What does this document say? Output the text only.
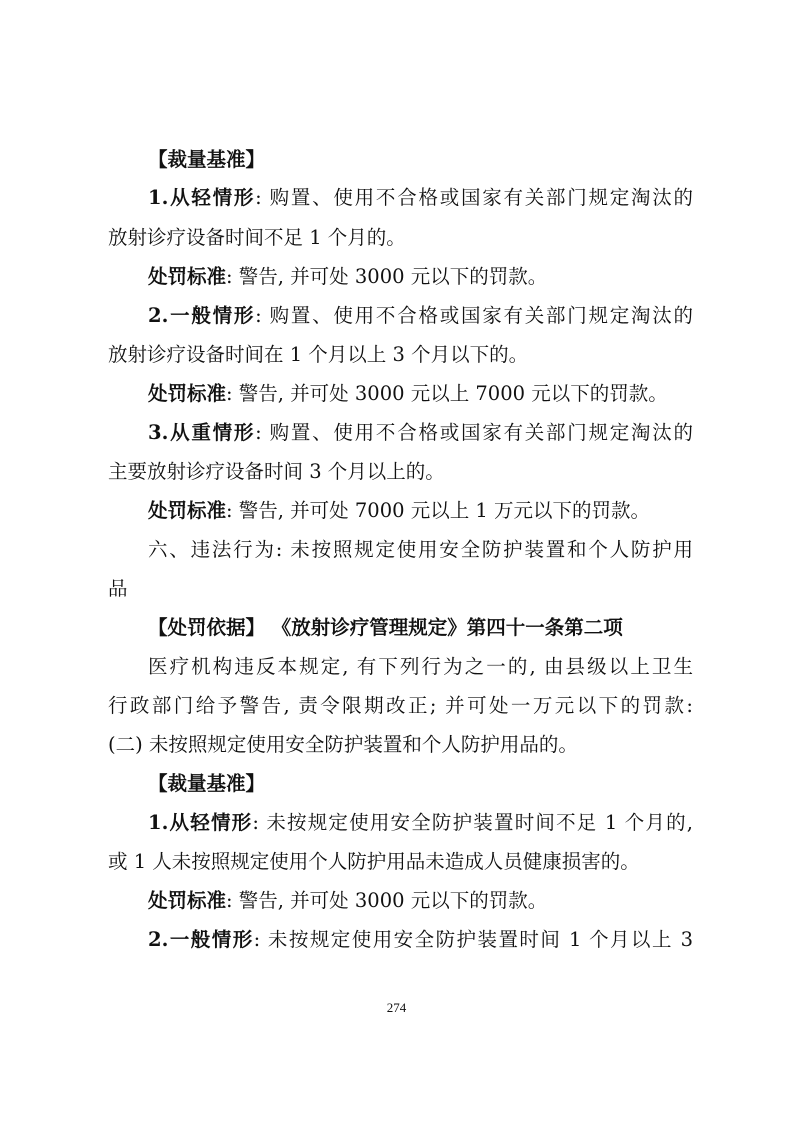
【裁量基准】
1.从轻情形: 购置、使用不合格或国家有关部门规定淘汰的
放射诊疗设备时间不足 1 个月的。
处罚标准: 警告, 并可处 3000 元以下的罚款。
2.一般情形: 购置、使用不合格或国家有关部门规定淘汰的
放射诊疗设备时间在 1 个月以上 3 个月以下的。
处罚标准: 警告, 并可处 3000 元以上 7000 元以下的罚款。
3.从重情形: 购置、使用不合格或国家有关部门规定淘汰的
主要放射诊疗设备时间 3 个月以上的。
处罚标准: 警告, 并可处 7000 元以上 1 万元以下的罚款。
六、违法行为: 未按照规定使用安全防护装置和个人防护用
品
【处罚依据】 《放射诊疗管理规定》第四十一条第二项
医疗机构违反本规定, 有下列行为之一的, 由县级以上卫生
行政部门给予警告, 责令限期改正; 并可处一万元以下的罚款:
(二) 未按照规定使用安全防护装置和个人防护用品的。
【裁量基准】
1.从轻情形: 未按规定使用安全防护装置时间不足 1 个月的,
或 1 人未按照规定使用个人防护用品未造成人员健康损害的。
处罚标准: 警告, 并可处 3000 元以下的罚款。
2.一般情形: 未按规定使用安全防护装置时间 1 个月以上 3
274
